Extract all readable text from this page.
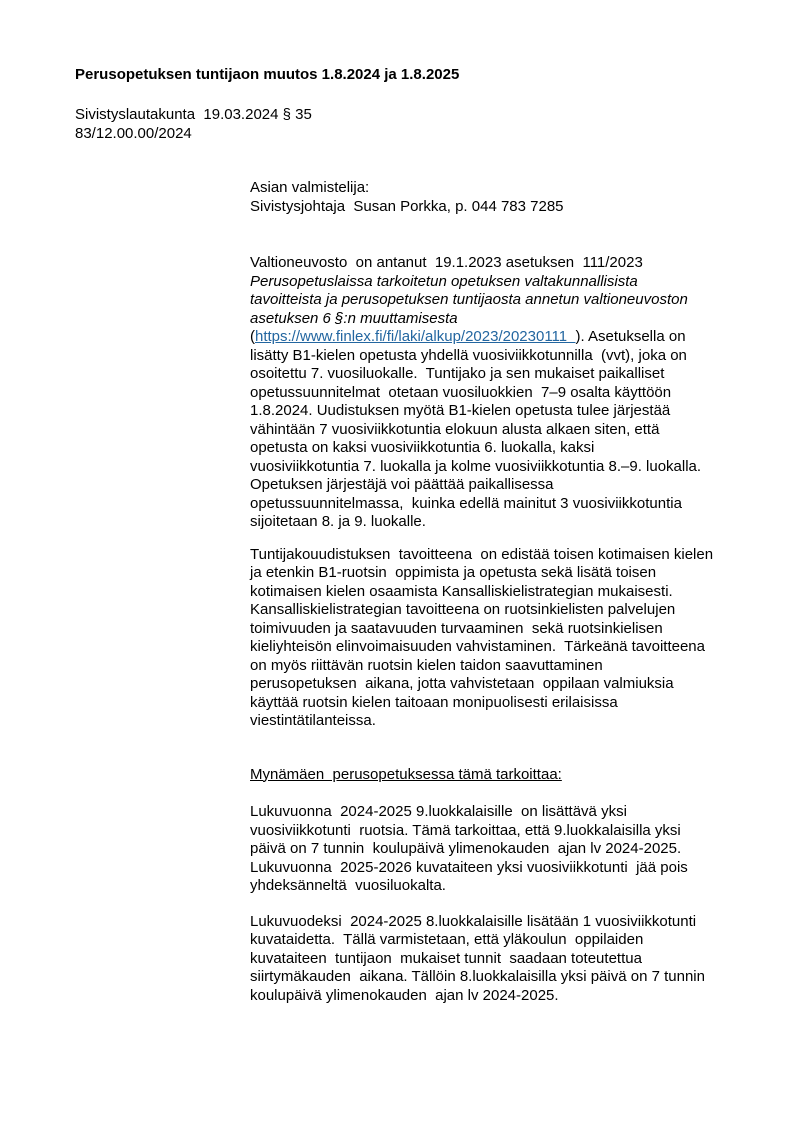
Perusopetuksen tuntijaon muutos 1.8.2024 ja 1.8.2025
Sivistyslautakunta  19.03.2024 § 35
83/12.00.00/2024
Asian valmistelija:
Sivistysjohtaja  Susan Porkka, p. 044 783 7285
Valtioneuvosto  on antanut  19.1.2023 asetuksen  111/2023
Perusopetuslaissa tarkoitetun opetuksen valtakunnallisista
tavoitteista ja perusopetuksen tuntijaosta annetun valtioneuvoston
asetuksen 6 §:n muuttamisesta
(https://www.finlex.fi/fi/laki/alkup/2023/20230111  ). Asetuksella on
lisätty B1-kielen opetusta yhdellä vuosiviikkotunnilla  (vvt), joka on
osoitettu 7. vuosiluokalle.  Tuntijako ja sen mukaiset paikalliset
opetussuunnitelmat  otetaan vuosiluokkien  7–9 osalta käyttöön
1.8.2024. Uudistuksen myötä B1-kielen opetusta tulee järjestää
vähintään 7 vuosiviikkotuntia elokuun alusta alkaen siten, että
opetusta on kaksi vuosiviikkotuntia 6. luokalla, kaksi
vuosiviikkotuntia 7. luokalla ja kolme vuosiviikkotuntia 8.–9. luokalla.
Opetuksen järjestäjä voi päättää paikallisessa
opetussuunnitelmassa,  kuinka edellä mainitut 3 vuosiviikkotuntia
sijoitetaan 8. ja 9. luokalle.
Tuntijakouudistuksen  tavoitteena  on edistää toisen kotimaisen kielen
ja etenkin B1-ruotsin  oppimista ja opetusta sekä lisätä toisen
kotimaisen kielen osaamista Kansalliskielistrategian mukaisesti.
Kansalliskielistrategian tavoitteena on ruotsinkielisten palvelujen
toimivuuden ja saatavuuden turvaaminen  sekä ruotsinkielisen
kieliyhteisön elinvoimaisuuden vahvistaminen.  Tärkeänä tavoitteena
on myös riittävän ruotsin kielen taidon saavuttaminen
perusopetuksen  aikana, jotta vahvistetaan  oppilaan valmiuksia
käyttää ruotsin kielen taitoaan monipuolisesti erilaisissa
viestintätilanteissa.
Mynämäen  perusopetuksessa tämä tarkoittaa:
Lukuvuonna  2024-2025 9.luokkalaisille  on lisättävä yksi
vuosiviikkotunti  ruotsia. Tämä tarkoittaa, että 9.luokkalaisilla yksi
päivä on 7 tunnin  koulupäivä ylimenokauden  ajan lv 2024-2025.
Lukuvuonna  2025-2026 kuvataiteen yksi vuosiviikkotunti  jää pois
yhdeksänneltä  vuosiluokalta.
Lukuvuodeksi  2024-2025 8.luokkalaisille lisätään 1 vuosiviikkotunti
kuvataidetta.  Tällä varmistetaan, että yläkoulun  oppilaiden
kuvataiteen  tuntijaon  mukaiset tunnit  saadaan toteutettua
siirtymäkauden  aikana. Tällöin 8.luokkalaisilla yksi päivä on 7 tunnin
koulupäivä ylimenokauden  ajan lv 2024-2025.
